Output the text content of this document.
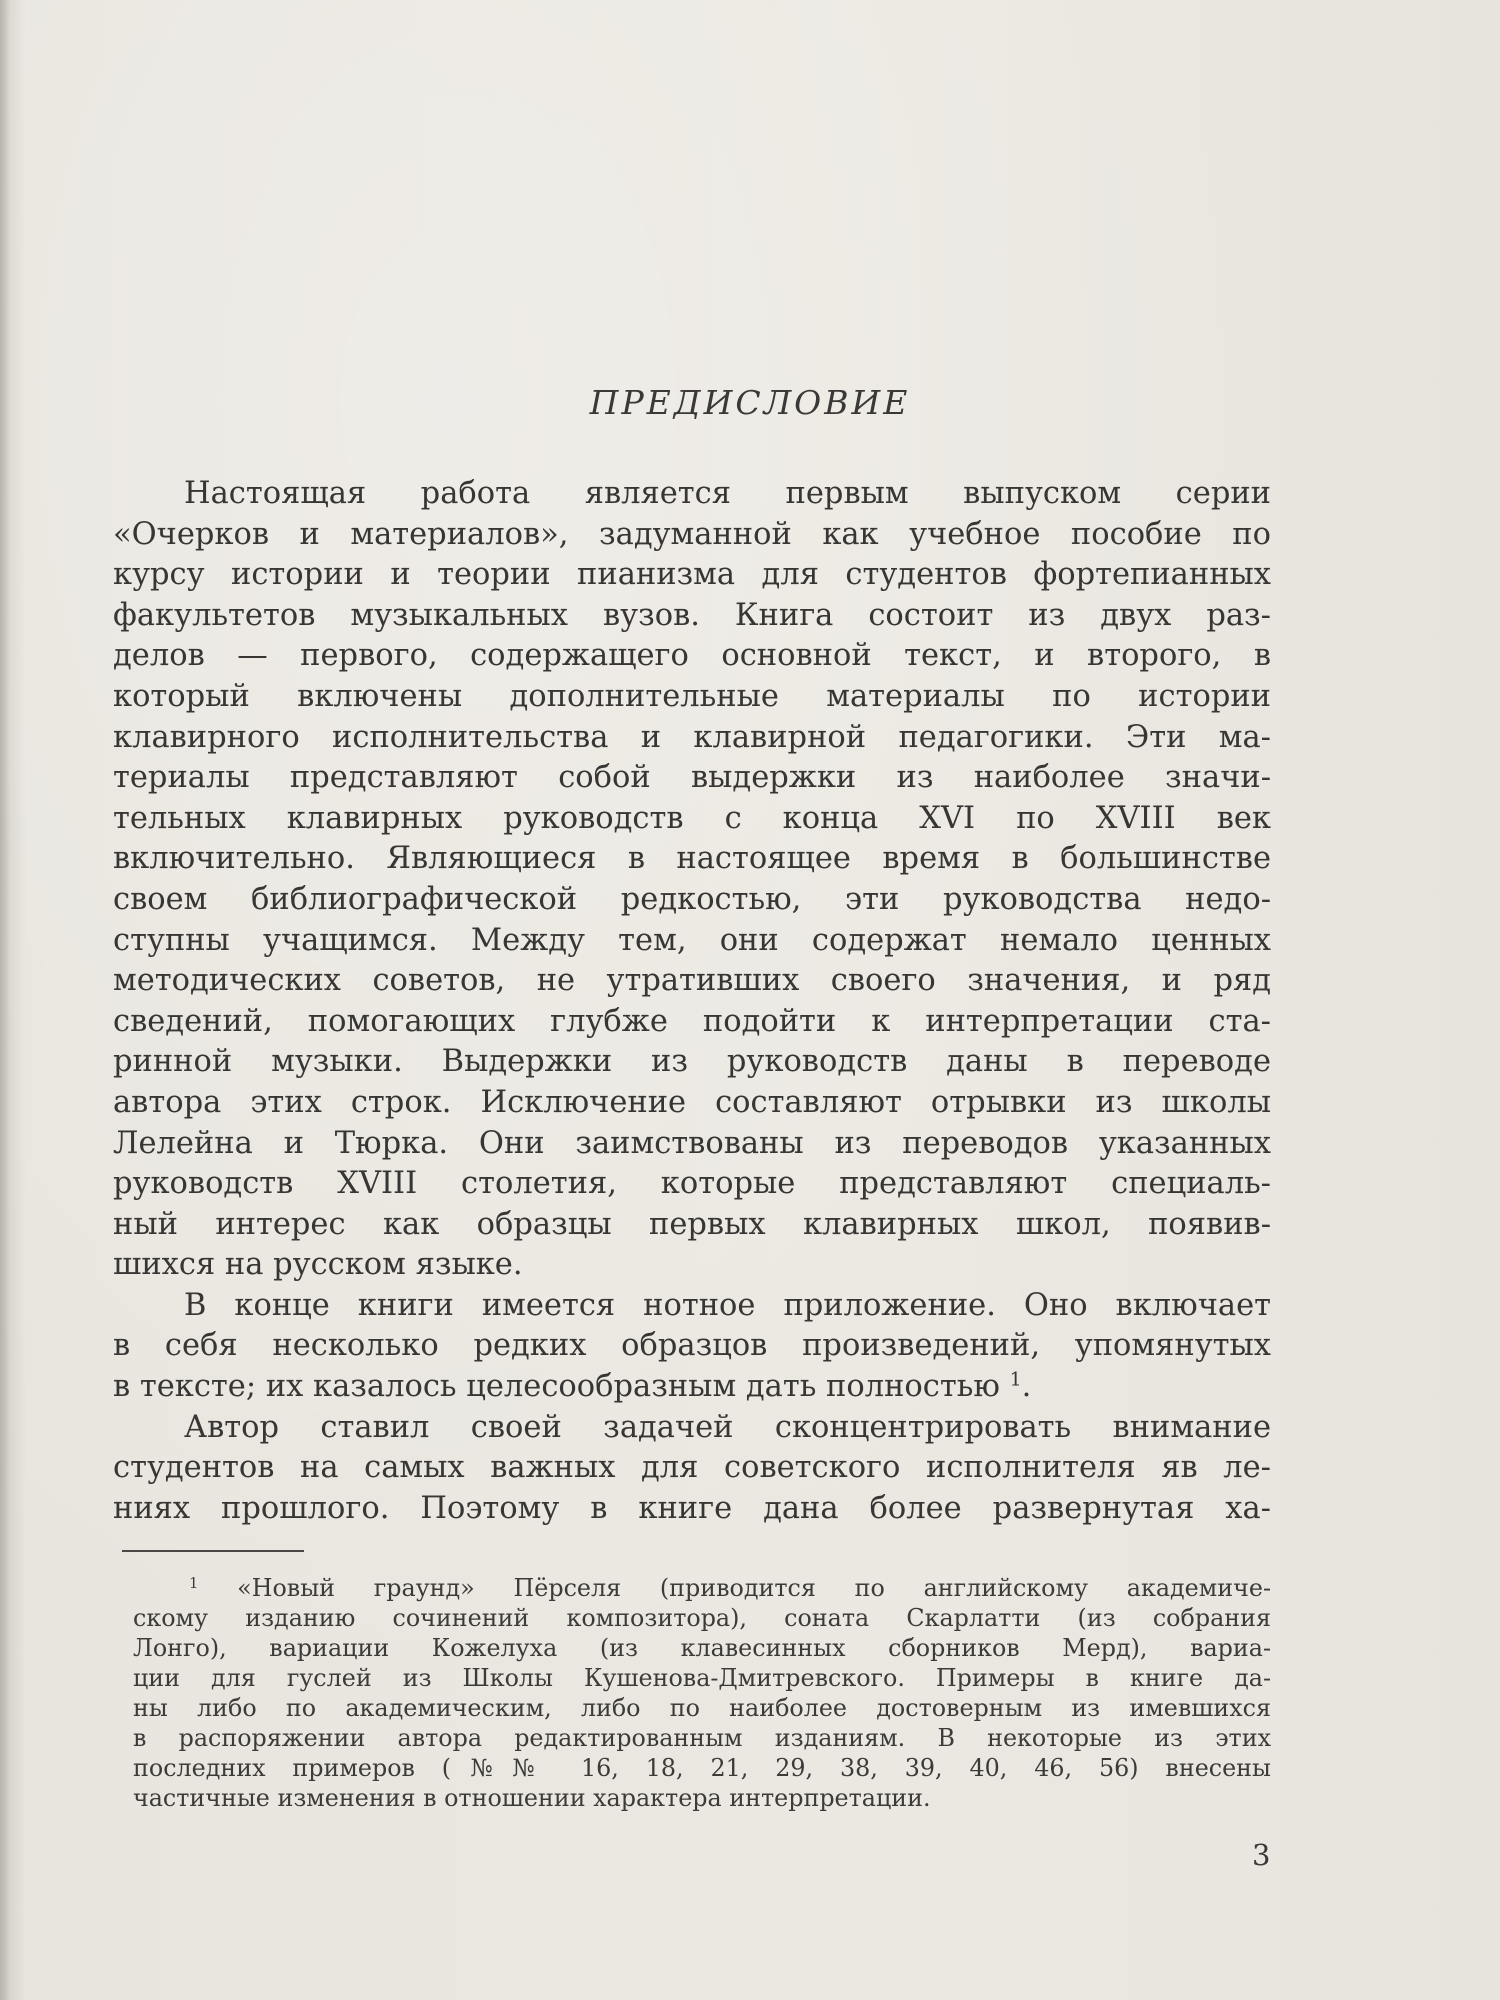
ПРЕДИСЛОВИЕ
Настоящая работа является первым выпуском серии
«Очерков и материалов», задуманной как учебное пособие по
курсу истории и теории пианизма для студентов фортепианных
факультетов музыкальных вузов. Книга состоит из двух раз-
делов — первого, содержащего основной текст, и второго, в
который включены дополнительные материалы по истории
клавирного исполнительства и клавирной педагогики. Эти ма-
териалы представляют собой выдержки из наиболее значи-
тельных клавирных руководств с конца XVI по XVIII век
включительно. Являющиеся в настоящее время в большинстве
своем библиографической редкостью, эти руководства недо-
ступны учащимся. Между тем, они содержат немало ценных
методических советов, не утративших своего значения, и ряд
сведений, помогающих глубже подойти к интерпретации ста-
ринной музыки. Выдержки из руководств даны в переводе
автора этих строк. Исключение составляют отрывки из школы
Лелейна и Тюрка. Они заимствованы из переводов указанных
руководств XVIII столетия, которые представляют специаль-
ный интерес как образцы первых клавирных школ, появив-
шихся на русском языке.
В конце книги имеется нотное приложение. Оно включает
в себя несколько редких образцов произведений, упомянутых
в тексте; их казалось целесообразным дать полностью $^1$.
Автор ставил своей задачей сконцентрировать внимание
студентов на самых важных для советского исполнителя яв ле-
ниях прошлого. Поэтому в книге дана более развернутая ха-
$^1$ «Новый граунд» Пёрселя (приводится по английскому академиче-
скому изданию сочинений композитора), соната Скарлатти (из собрания
Лонго), вариации Кожелуха (из клавесинных сборников Мерд), вариа-
ции для гуслей из Школы Кушенова-Дмитревского. Примеры в книге да-
ны либо по академическим, либо по наиболее достоверным из имевшихся
в распоряжении автора редактированным изданиям. В некоторые из этих
последних примеров (№№ 16, 18, 21, 29, 38, 39, 40, 46, 56) внесены
частичные изменения в отношении характера интерпретации.
3
